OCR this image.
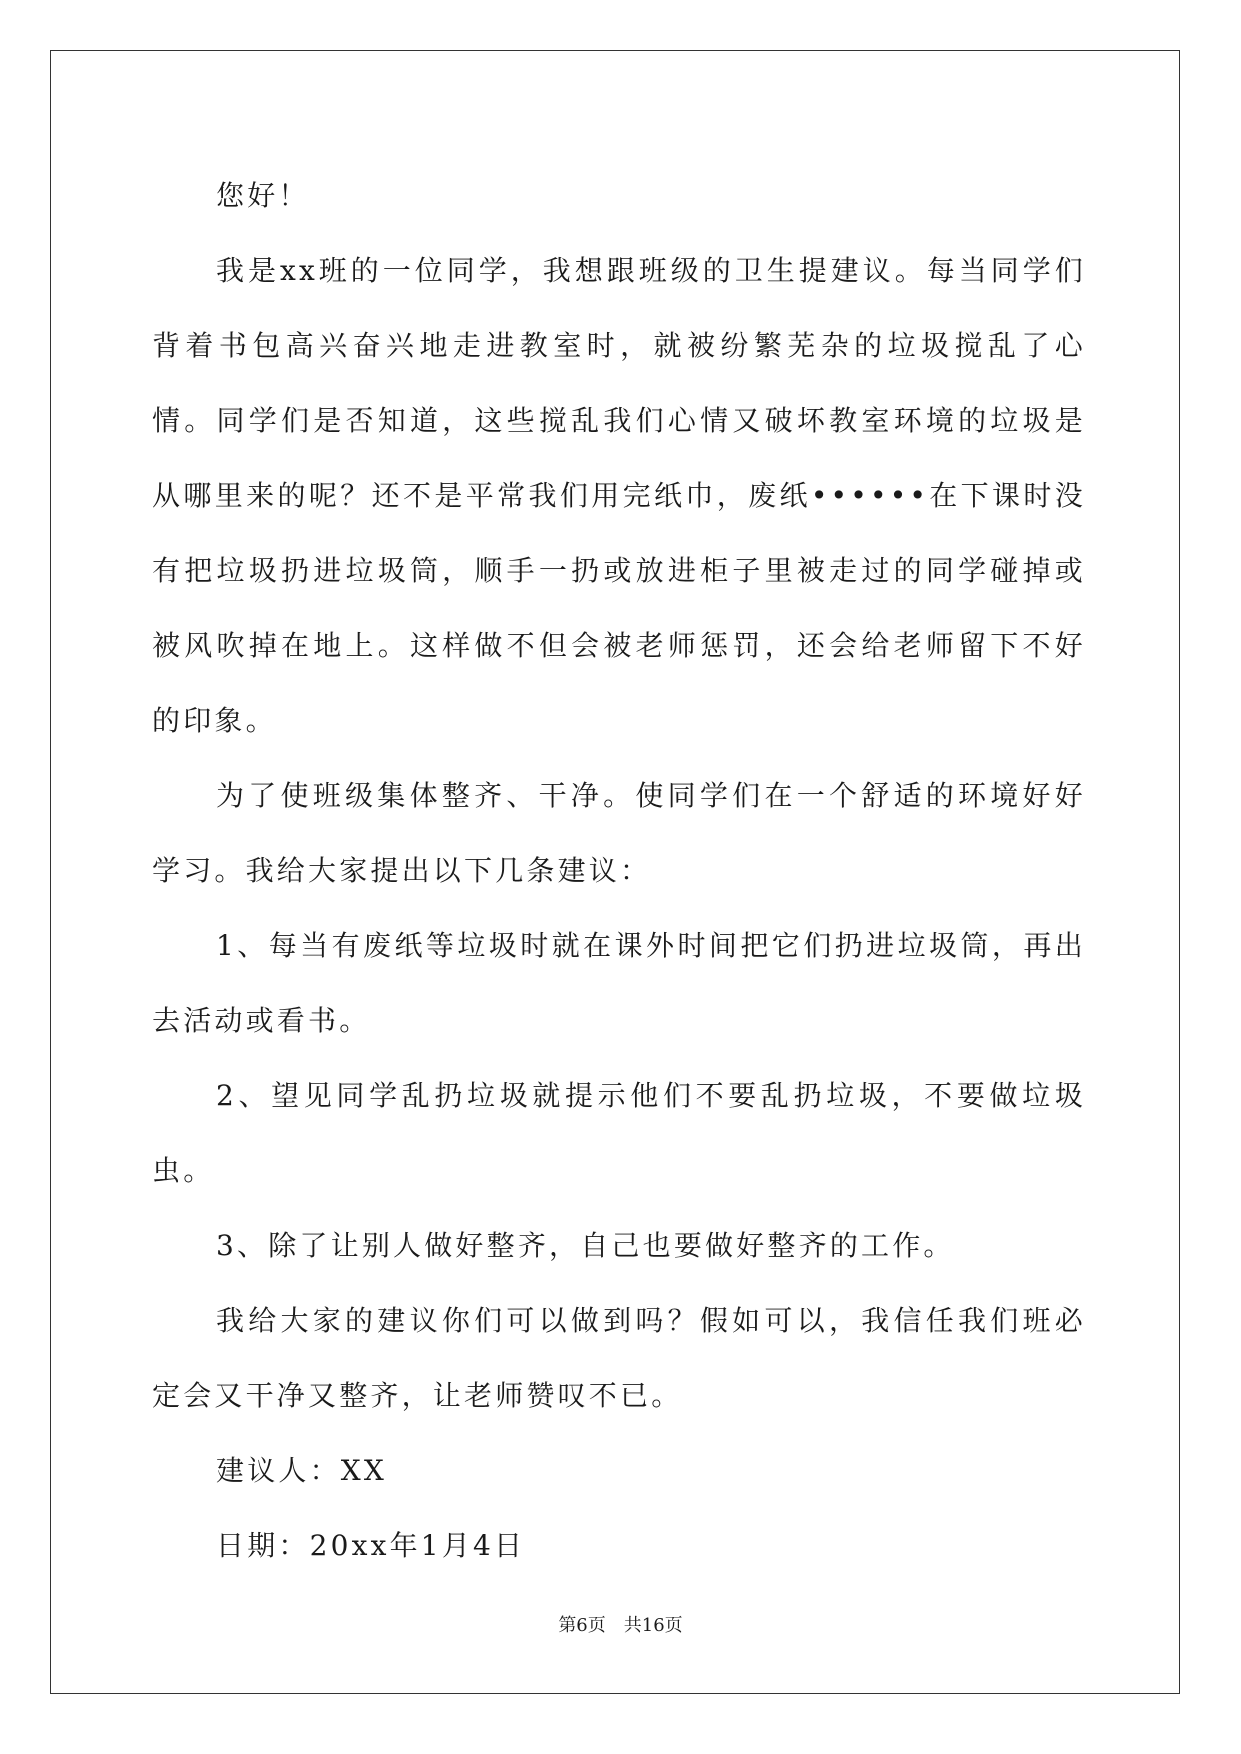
您好！

我是xx班的一位同学，我想跟班级的卫生提建议。每当同学们背着书包高兴奋兴地走进教室时，就被纷繁芜杂的垃圾搅乱了心情。同学们是否知道，这些搅乱我们心情又破坏教室环境的垃圾是从哪里来的呢？还不是平常我们用完纸巾，废纸••••••在下课时没有把垃圾扔进垃圾筒，顺手一扔或放进柜子里被走过的同学碰掉或被风吹掉在地上。这样做不但会被老师惩罚，还会给老师留下不好的印象。

为了使班级集体整齐、干净。使同学们在一个舒适的环境好好学习。我给大家提出以下几条建议：

1、每当有废纸等垃圾时就在课外时间把它们扔进垃圾筒，再出去活动或看书。

2、望见同学乱扔垃圾就提示他们不要乱扔垃圾，不要做垃圾虫。

3、除了让别人做好整齐，自己也要做好整齐的工作。

我给大家的建议你们可以做到吗？假如可以，我信任我们班必定会又干净又整齐，让老师赞叹不已。

建议人：XX

日期：20xx年1月4日

第6页 共16页
